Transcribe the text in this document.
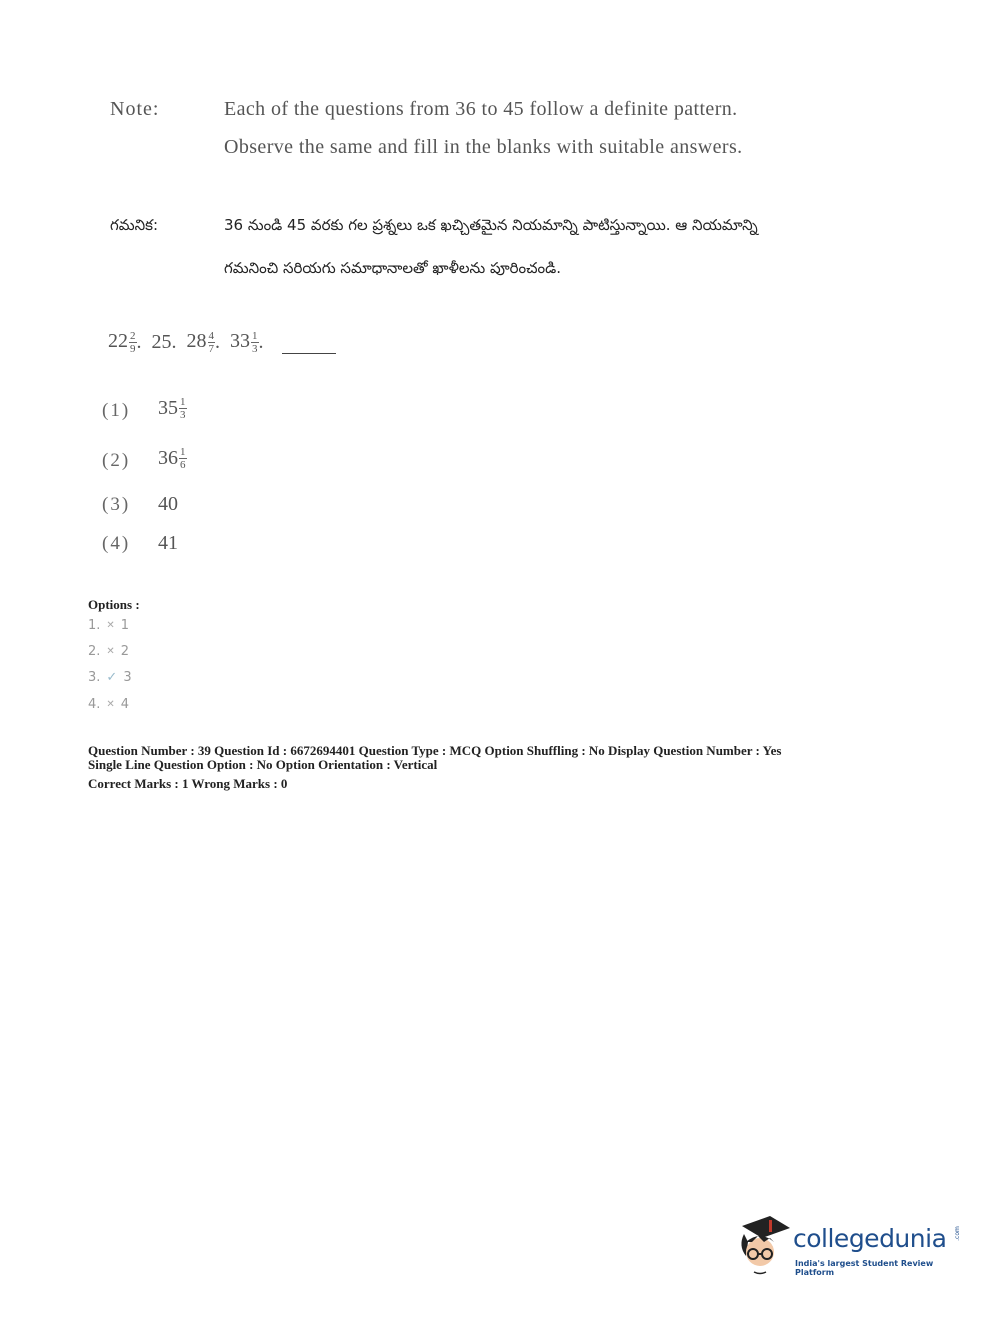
Note:	Each of the questions from 36 to 45 follow a definite pattern.
Observe the same and fill in the blanks with suitable answers.
గమనిక:	36 నుండి 45 వరకు గల ప్రశ్నలు ఒక ఖచ్చితమైన నియమాన్ని పాటిస్తున్నాయి. ఆ నియమాన్ని
గమనించి సరియగు సమాధానాలతో ఖాళీలను పూరించండి.
$22 \frac{2}{9}$ . 25 . $28 \frac{4}{7}$ . $33 \frac{1}{3}$ .
(1) $35 \frac{1}{3}$
(2) $36 \frac{1}{6}$
(3) 40
(4) 41
Options :
1. ✕ 1
2. ✕ 2
3. ✓ 3
4. ✕ 4
Question Number : 39 Question Id : 6672694401 Question Type : MCQ Option Shuffling : No Display Question Number : Yes
Single Line Question Option : No Option Orientation : Vertical
Correct Marks : 1 Wrong Marks : 0
collegedunia .com
India's largest Student Review Platform
